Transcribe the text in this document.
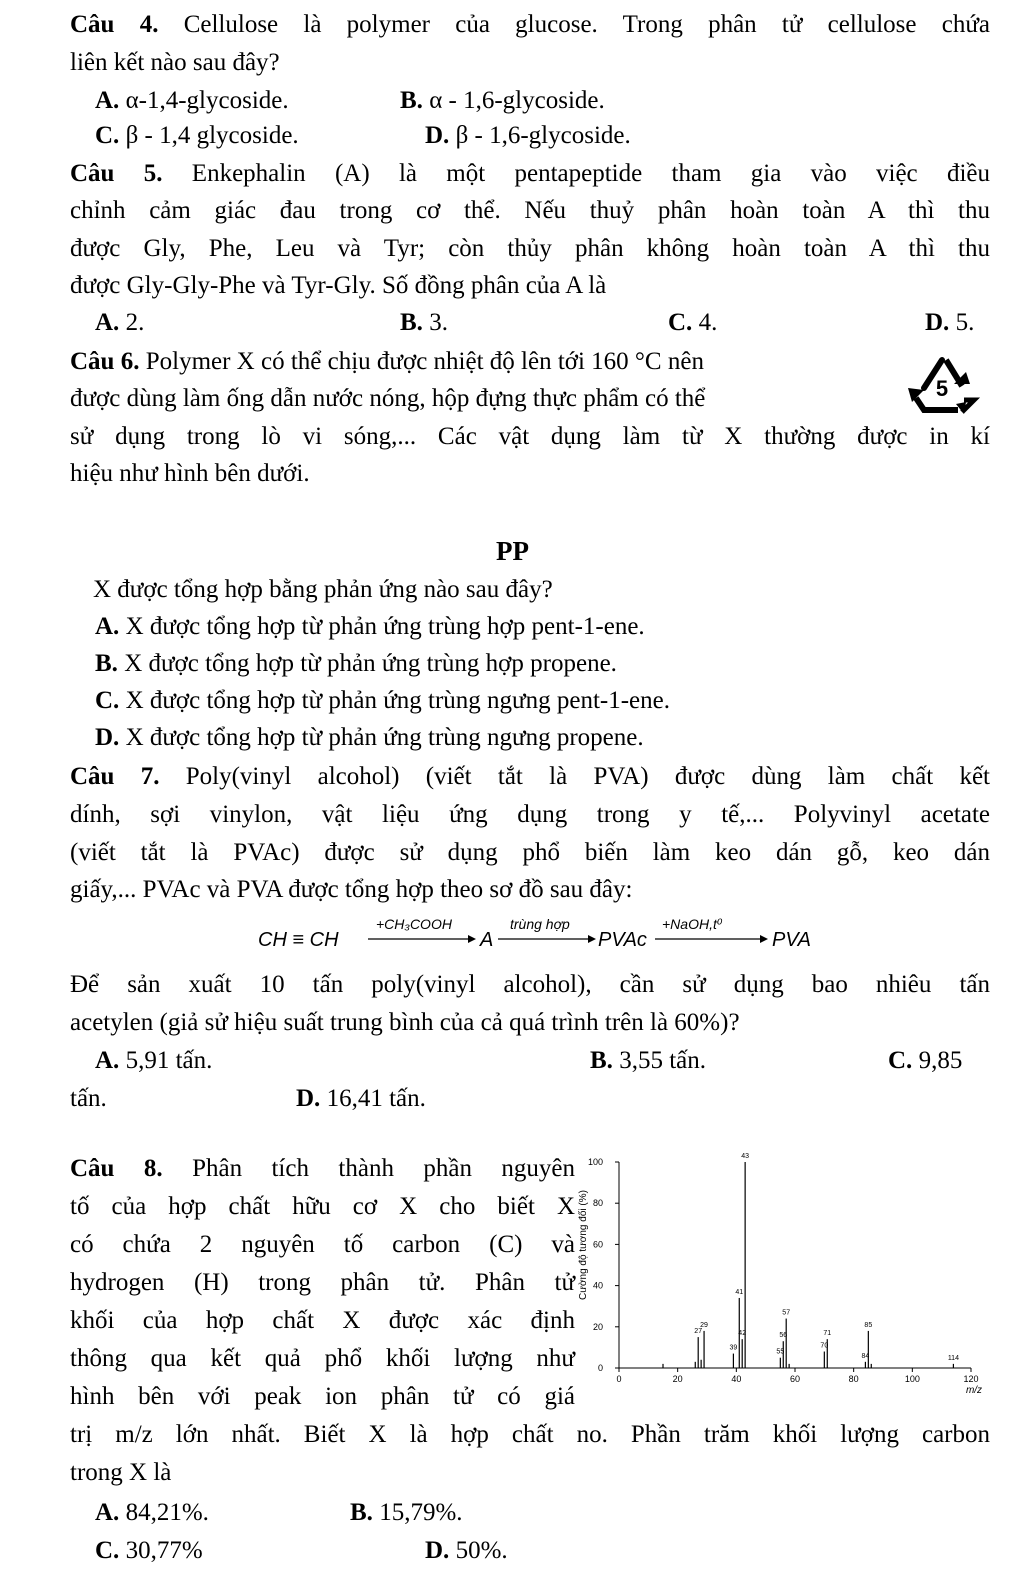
Câu 4. Cellulose là polymer của glucose. Trong phân tử cellulose chứa
liên kết nào sau đây?
A. α-1,4-glycoside.	B. α - 1,6-glycoside.
C. β - 1,4 glycoside.	D. β - 1,6-glycoside.
Câu 5. Enkephalin (A) là một pentapeptide tham gia vào việc điều
chỉnh cảm giác đau trong cơ thể. Nếu thuỷ phân hoàn toàn A thì thu
được Gly, Phe, Leu và Tyr; còn thủy phân không hoàn toàn A thì thu
được Gly-Gly-Phe và Tyr-Gly. Số đồng phân của A là
A. 2.	B. 3.	C. 4.	D. 5.
Câu 6. Polymer X có thể chịu được nhiệt độ lên tới 160 °C nên
được dùng làm ống dẫn nước nóng, hộp đựng thực phẩm có thể	5
sử dụng trong lò vi sóng,... Các vật dụng làm từ X thường được in kí
hiệu như hình bên dưới.
PP
X được tổng hợp bằng phản ứng nào sau đây?
A. X được tổng hợp từ phản ứng trùng hợp pent-1-ene.
B. X được tổng hợp từ phản ứng trùng hợp propene.
C. X được tổng hợp từ phản ứng trùng ngưng pent-1-ene.
D. X được tổng hợp từ phản ứng trùng ngưng propene.
Câu 7. Poly(vinyl alcohol) (viết tắt là PVA) được dùng làm chất kết
dính, sợi vinylon, vật liệu ứng dụng trong y tế,... Polyvinyl acetate
(viết tắt là PVAc) được sử dụng phổ biến làm keo dán gỗ, keo dán
giấy,... PVAc và PVA được tổng hợp theo sơ đồ sau đây:
CH ≡ CH
+CH₃COOH
A
trùng hợp
PVAc
+NaOH,t⁰
PVA
Để sản xuất 10 tấn poly(vinyl alcohol), cần sử dụng bao nhiêu tấn
acetylen (giả sử hiệu suất trung bình của cả quá trình trên là 60%)?
A. 5,91 tấn.	B. 3,55 tấn.	C. 9,85
tấn.	D. 16,41 tấn.
Câu 8. Phân tích thành phần nguyên
tố của hợp chất hữu cơ X cho biết X
có chứa 2 nguyên tố carbon (C) và
hydrogen (H) trong phân tử. Phân tử
khối của hợp chất X được xác định
thông qua kết quả phổ khối lượng như
hình bên với peak ion phân tử có giá
trị m/z lớn nhất. Biết X là hợp chất no. Phần trăm khối lượng carbon
trong X là
A. 84,21%.	B. 15,79%.
C. 30,77%	D. 50%.
0
20
40
60
80
100
0	20	40	60	80	100	120
27
29
39
41
42
43
55
56
57
70
71
84
85
114
Cường độ tương đối (%)
m/z
